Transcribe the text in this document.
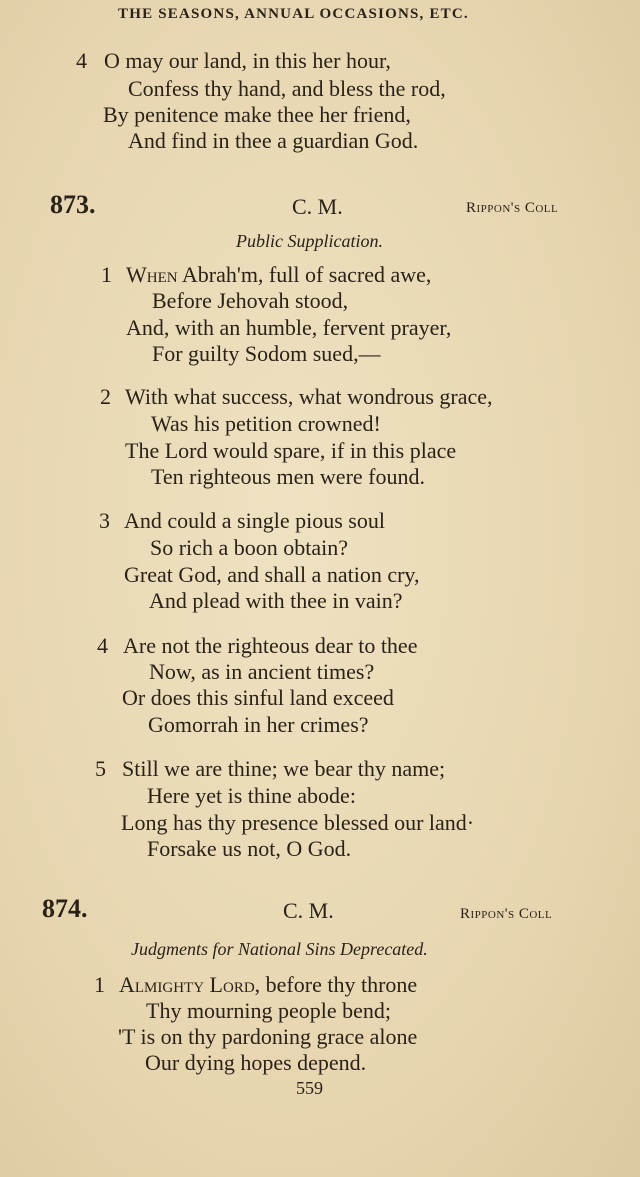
THE SEASONS, ANNUAL OCCASIONS, ETC.
4 O may our land, in this her hour,
Confess thy hand, and bless the rod,
By penitence make thee her friend,
And find in thee a guardian God.
873.	C. M.	Rippon's Coll
Public Supplication.
1 When Abrah'm, full of sacred awe,
Before Jehovah stood,
And, with an humble, fervent prayer,
For guilty Sodom sued,—
2 With what success, what wondrous grace,
Was his petition crowned!
The Lord would spare, if in this place
Ten righteous men were found.
3 And could a single pious soul
So rich a boon obtain?
Great God, and shall a nation cry,
And plead with thee in vain?
4 Are not the righteous dear to thee
Now, as in ancient times?
Or does this sinful land exceed
Gomorrah in her crimes?
5 Still we are thine; we bear thy name;
Here yet is thine abode:
Long has thy presence blessed our land·
Forsake us not, O God.
874.	C. M.	Rippon's Coll
Judgments for National Sins Deprecated.
1 Almighty Lord, before thy throne
Thy mourning people bend;
'T is on thy pardoning grace alone
Our dying hopes depend.
559
